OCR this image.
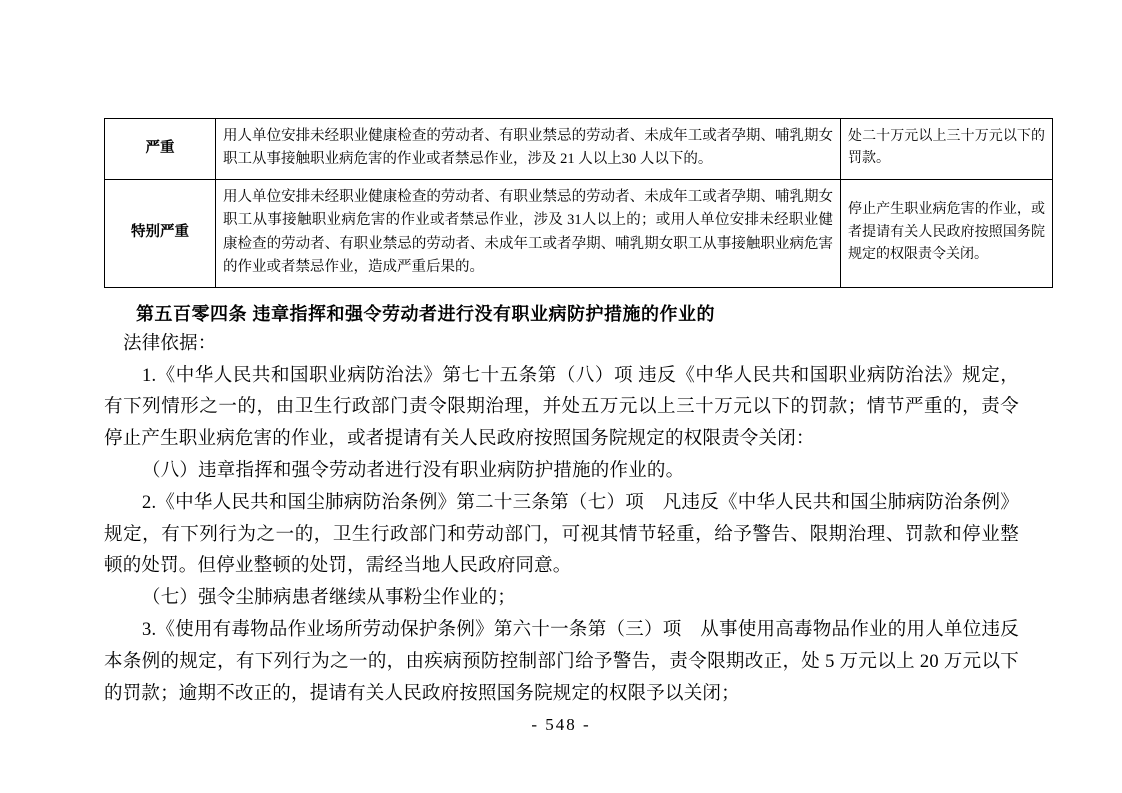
严重	用人单位安排未经职业健康检查的劳动者、有职业禁忌的劳动者、未成年工或者孕期、哺乳期女职工从事接触职业病危害的作业或者禁忌作业，涉及 21 人以上30 人以下的。	处二十万元以上三十万元以下的罚款。
特别严重	用人单位安排未经职业健康检查的劳动者、有职业禁忌的劳动者、未成年工或者孕期、哺乳期女职工从事接触职业病危害的作业或者禁忌作业，涉及 31人以上的；或用人单位安排未经职业健康检查的劳动者、有职业禁忌的劳动者、未成年工或者孕期、哺乳期女职工从事接触职业病危害的作业或者禁忌作业，造成严重后果的。	停止产生职业病危害的作业，或者提请有关人民政府按照国务院规定的权限责令关闭。
第五百零四条 违章指挥和强令劳动者进行没有职业病防护措施的作业的

法律依据：

1.《中华人民共和国职业病防治法》第七十五条第（八）项 违反《中华人民共和国职业病防治法》规定，有下列情形之一的，由卫生行政部门责令限期治理，并处五万元以上三十万元以下的罚款；情节严重的，责令停止产生职业病危害的作业，或者提请有关人民政府按照国务院规定的权限责令关闭：

（八）违章指挥和强令劳动者进行没有职业病防护措施的作业的。

2.《中华人民共和国尘肺病防治条例》第二十三条第（七）项　凡违反《中华人民共和国尘肺病防治条例》规定，有下列行为之一的，卫生行政部门和劳动部门，可视其情节轻重，给予警告、限期治理、罚款和停业整顿的处罚。但停业整顿的处罚，需经当地人民政府同意。

（七）强令尘肺病患者继续从事粉尘作业的；

3.《使用有毒物品作业场所劳动保护条例》第六十一条第（三）项　从事使用高毒物品作业的用人单位违反本条例的规定，有下列行为之一的，由疾病预防控制部门给予警告，责令限期改正，处 5 万元以上 20 万元以下的罚款；逾期不改正的，提请有关人民政府按照国务院规定的权限予以关闭；

- 548 -
